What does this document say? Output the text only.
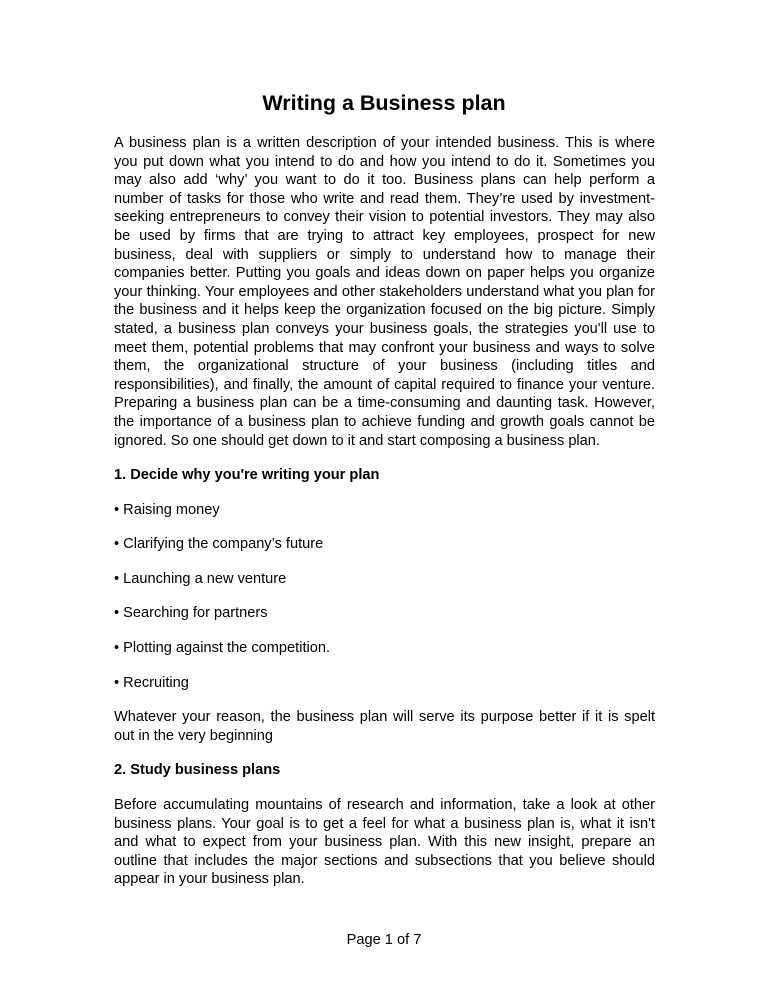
Writing a Business plan

A business plan is a written description of your intended business. This is where you put down what you intend to do and how you intend to do it. Sometimes you may also add ‘why’ you want to do it too. Business plans can help perform a number of tasks for those who write and read them. They’re used by investment-seeking entrepreneurs to convey their vision to potential investors. They may also be used by firms that are trying to attract key employees, prospect for new business, deal with suppliers or simply to understand how to manage their companies better. Putting you goals and ideas down on paper helps you organize your thinking. Your employees and other stakeholders understand what you plan for the business and it helps keep the organization focused on the big picture. Simply stated, a business plan conveys your business goals, the strategies you'll use to meet them, potential problems that may confront your business and ways to solve them, the organizational structure of your business (including titles and responsibilities), and finally, the amount of capital required to finance your venture. Preparing a business plan can be a time-consuming and daunting task. However, the importance of a business plan to achieve funding and growth goals cannot be ignored. So one should get down to it and start composing a business plan.

1. Decide why you're writing your plan

• Raising money

• Clarifying the company’s future

• Launching a new venture

• Searching for partners

• Plotting against the competition.

• Recruiting

Whatever your reason, the business plan will serve its purpose better if it is spelt out in the very beginning

2. Study business plans

Before accumulating mountains of research and information, take a look at other business plans. Your goal is to get a feel for what a business plan is, what it isn't and what to expect from your business plan. With this new insight, prepare an outline that includes the major sections and subsections that you believe should appear in your business plan.

Page 1 of 7
